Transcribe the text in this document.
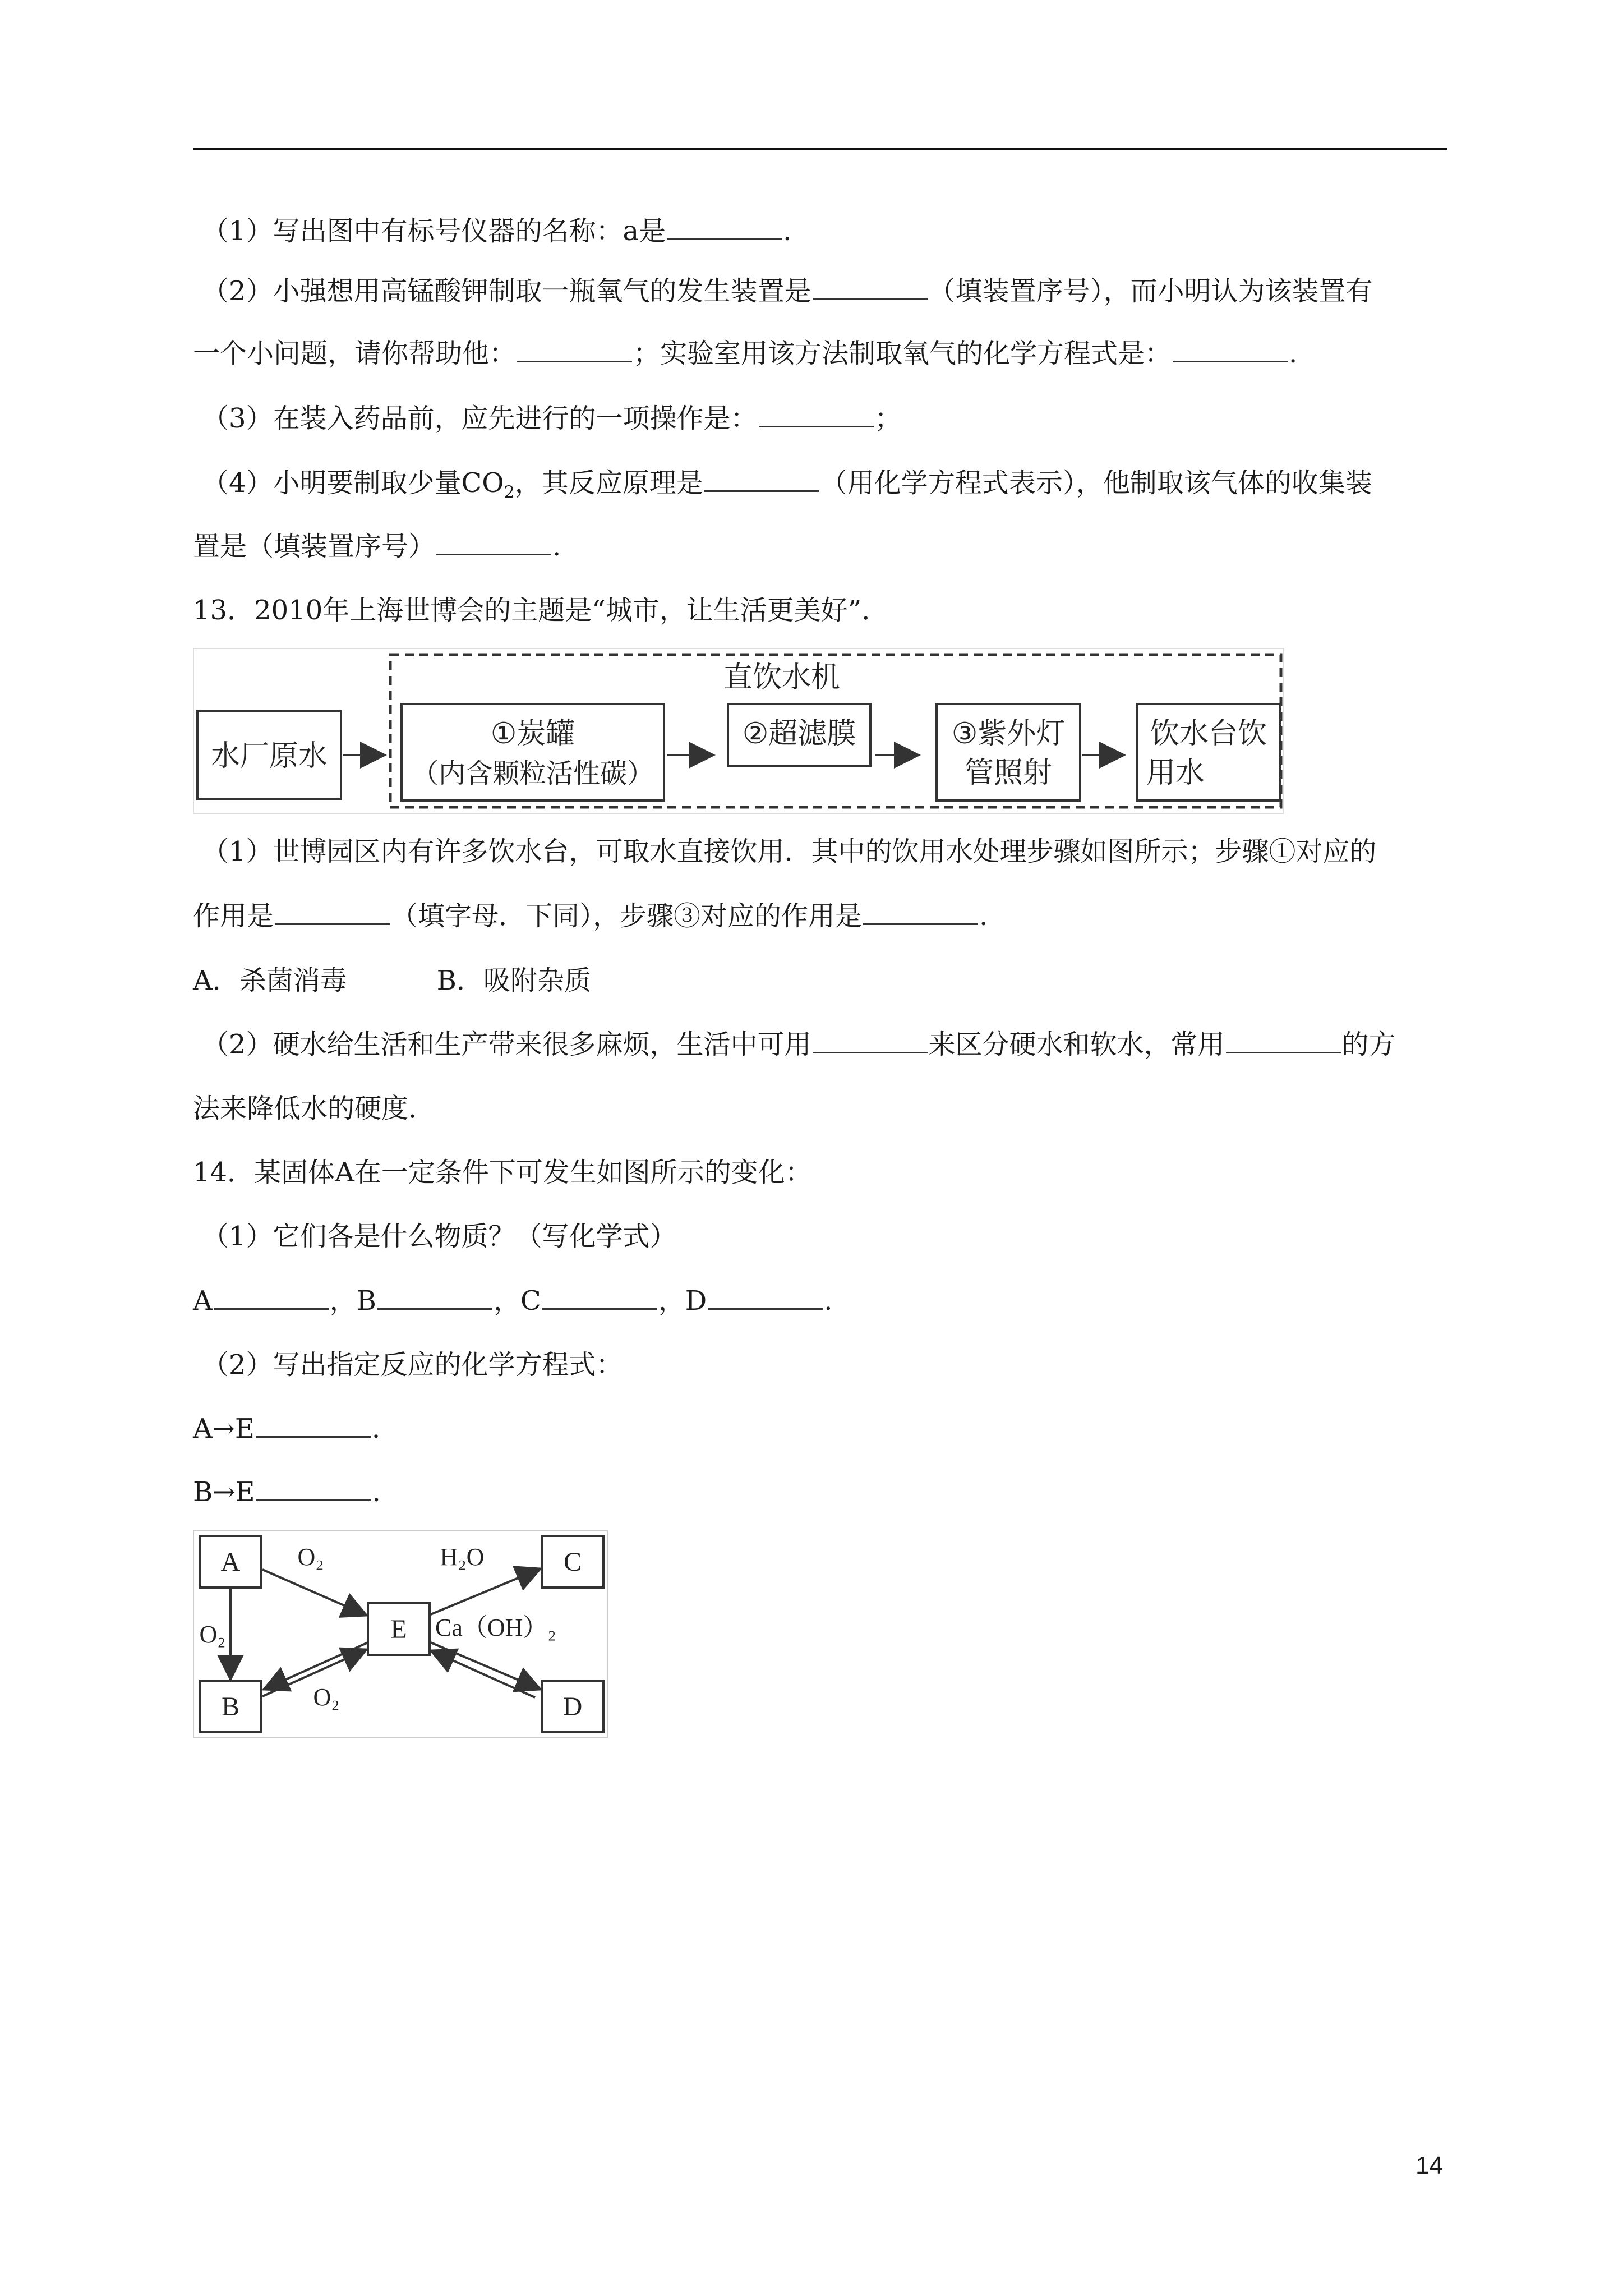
（1）写出图中有标号仪器的名称：a是	.
（2）小强想用高锰酸钾制取一瓶氧气的发生装置是	（填装置序号），而小明认为该装置有
一个小问题，请你帮助他：	；实验室用该方法制取氧气的化学方程式是：	.
（3）在装入药品前，应先进行的一项操作是：	；
（4）小明要制取少量$CO_2$，其反应原理是	（用化学方程式表示），他制取该气体的收集装
置是（填装置序号）	.
13．2010年上海世博会的主题是“城市，让生活更美好”．
直饮水机
水厂原水
①炭罐
（内含颗粒活性碳）
②超滤膜	③紫外灯
管照射
饮水台饮
用水
（1）世博园区内有许多饮水台，可取水直接饮用．其中的饮用水处理步骤如图所示；步骤①对应的
作用是	（填字母．下同），步骤③对应的作用是	.
A．杀菌消毒	B．吸附杂质
（2）硬水给生活和生产带来很多麻烦，生活中可用	来区分硬水和软水，常用	的方
法来降低水的硬度．
14．某固体A在一定条件下可发生如图所示的变化：
（1）它们各是什么物质？（写化学式）
A	，B	，C	，D	.
（2）写出指定反应的化学方程式：
A→E	.
B→E	.
A	C
E
B	D
O₂
O₂
H₂O
O₂
Ca（OH）₂
14
